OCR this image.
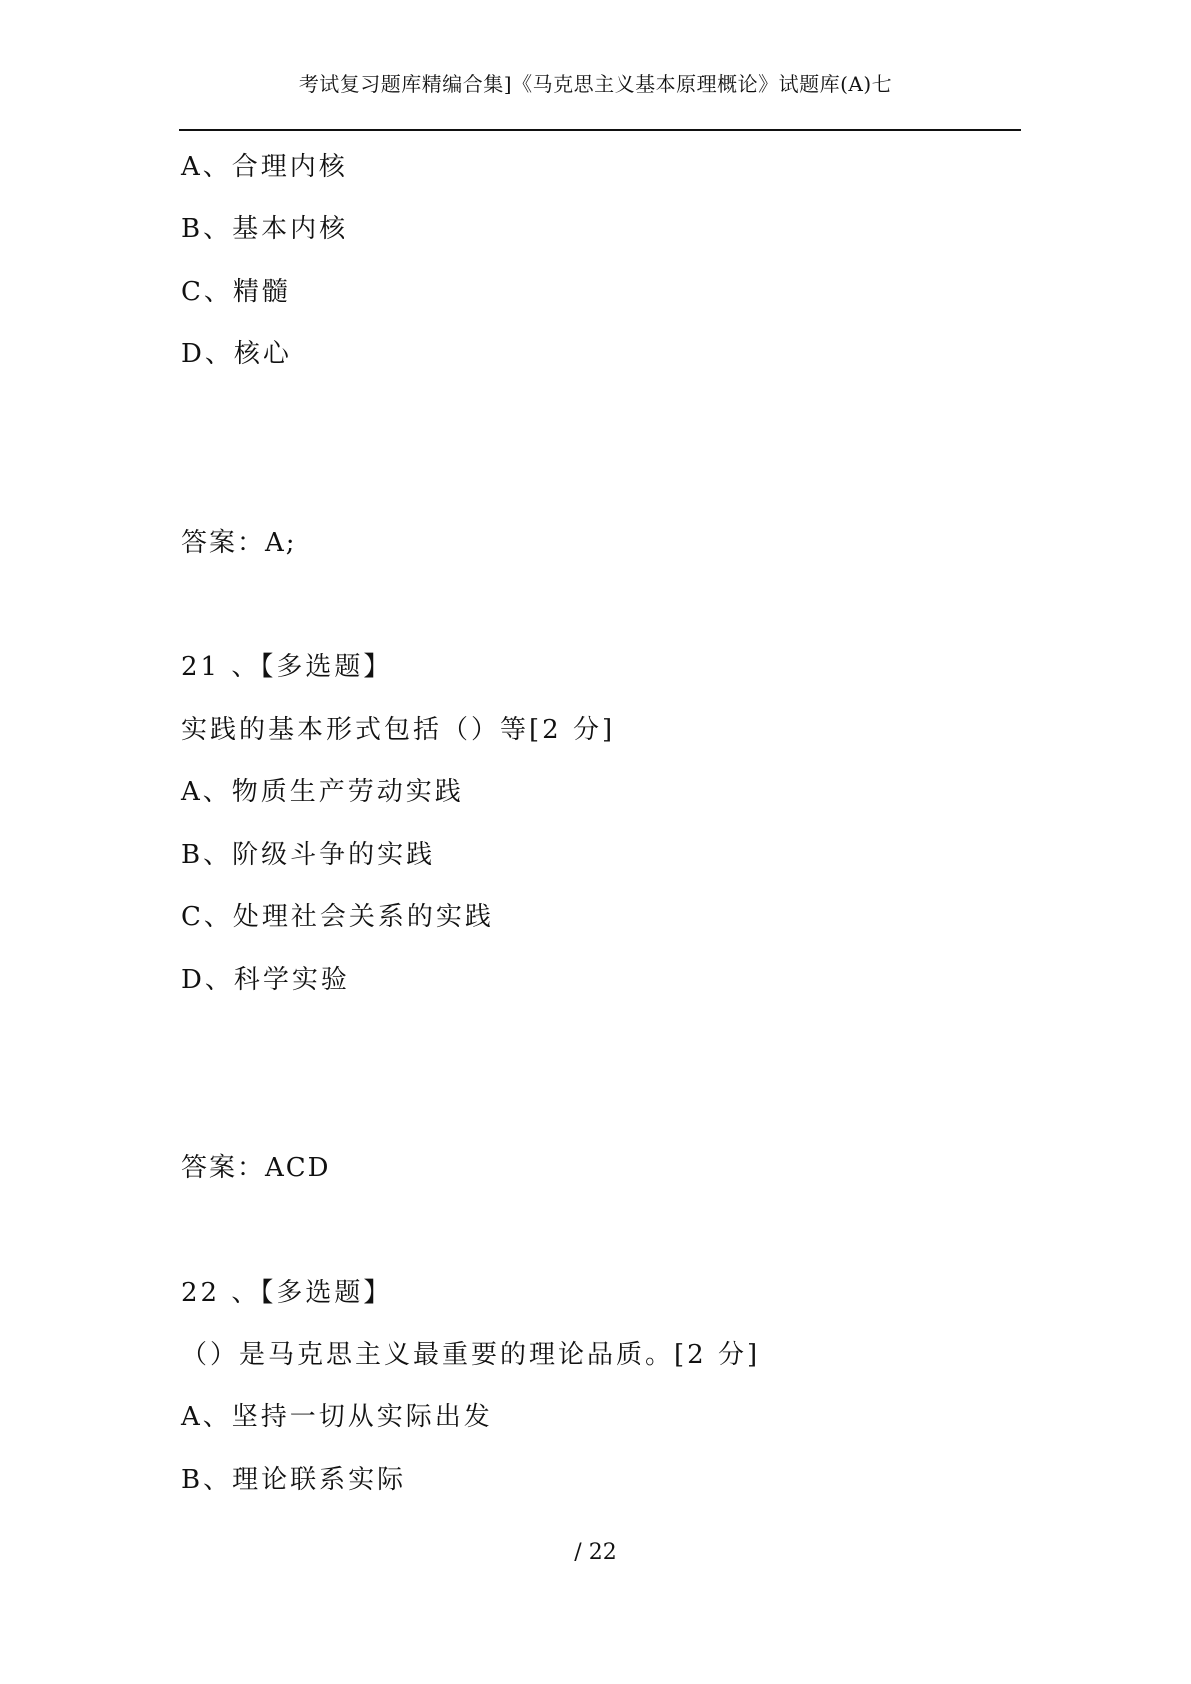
考试复习题库精编合集]《马克思主义基本原理概论》试题库(A)七
A、合理内核
B、基本内核
C、精髓
D、核心
答案：A;
21 、【多选题】
实践的基本形式包括（）等[2 分]
A、物质生产劳动实践
B、阶级斗争的实践
C、处理社会关系的实践
D、科学实验
答案：ACD
22 、【多选题】
（）是马克思主义最重要的理论品质。[2 分]
A、坚持一切从实际出发
B、理论联系实际
/ 22
